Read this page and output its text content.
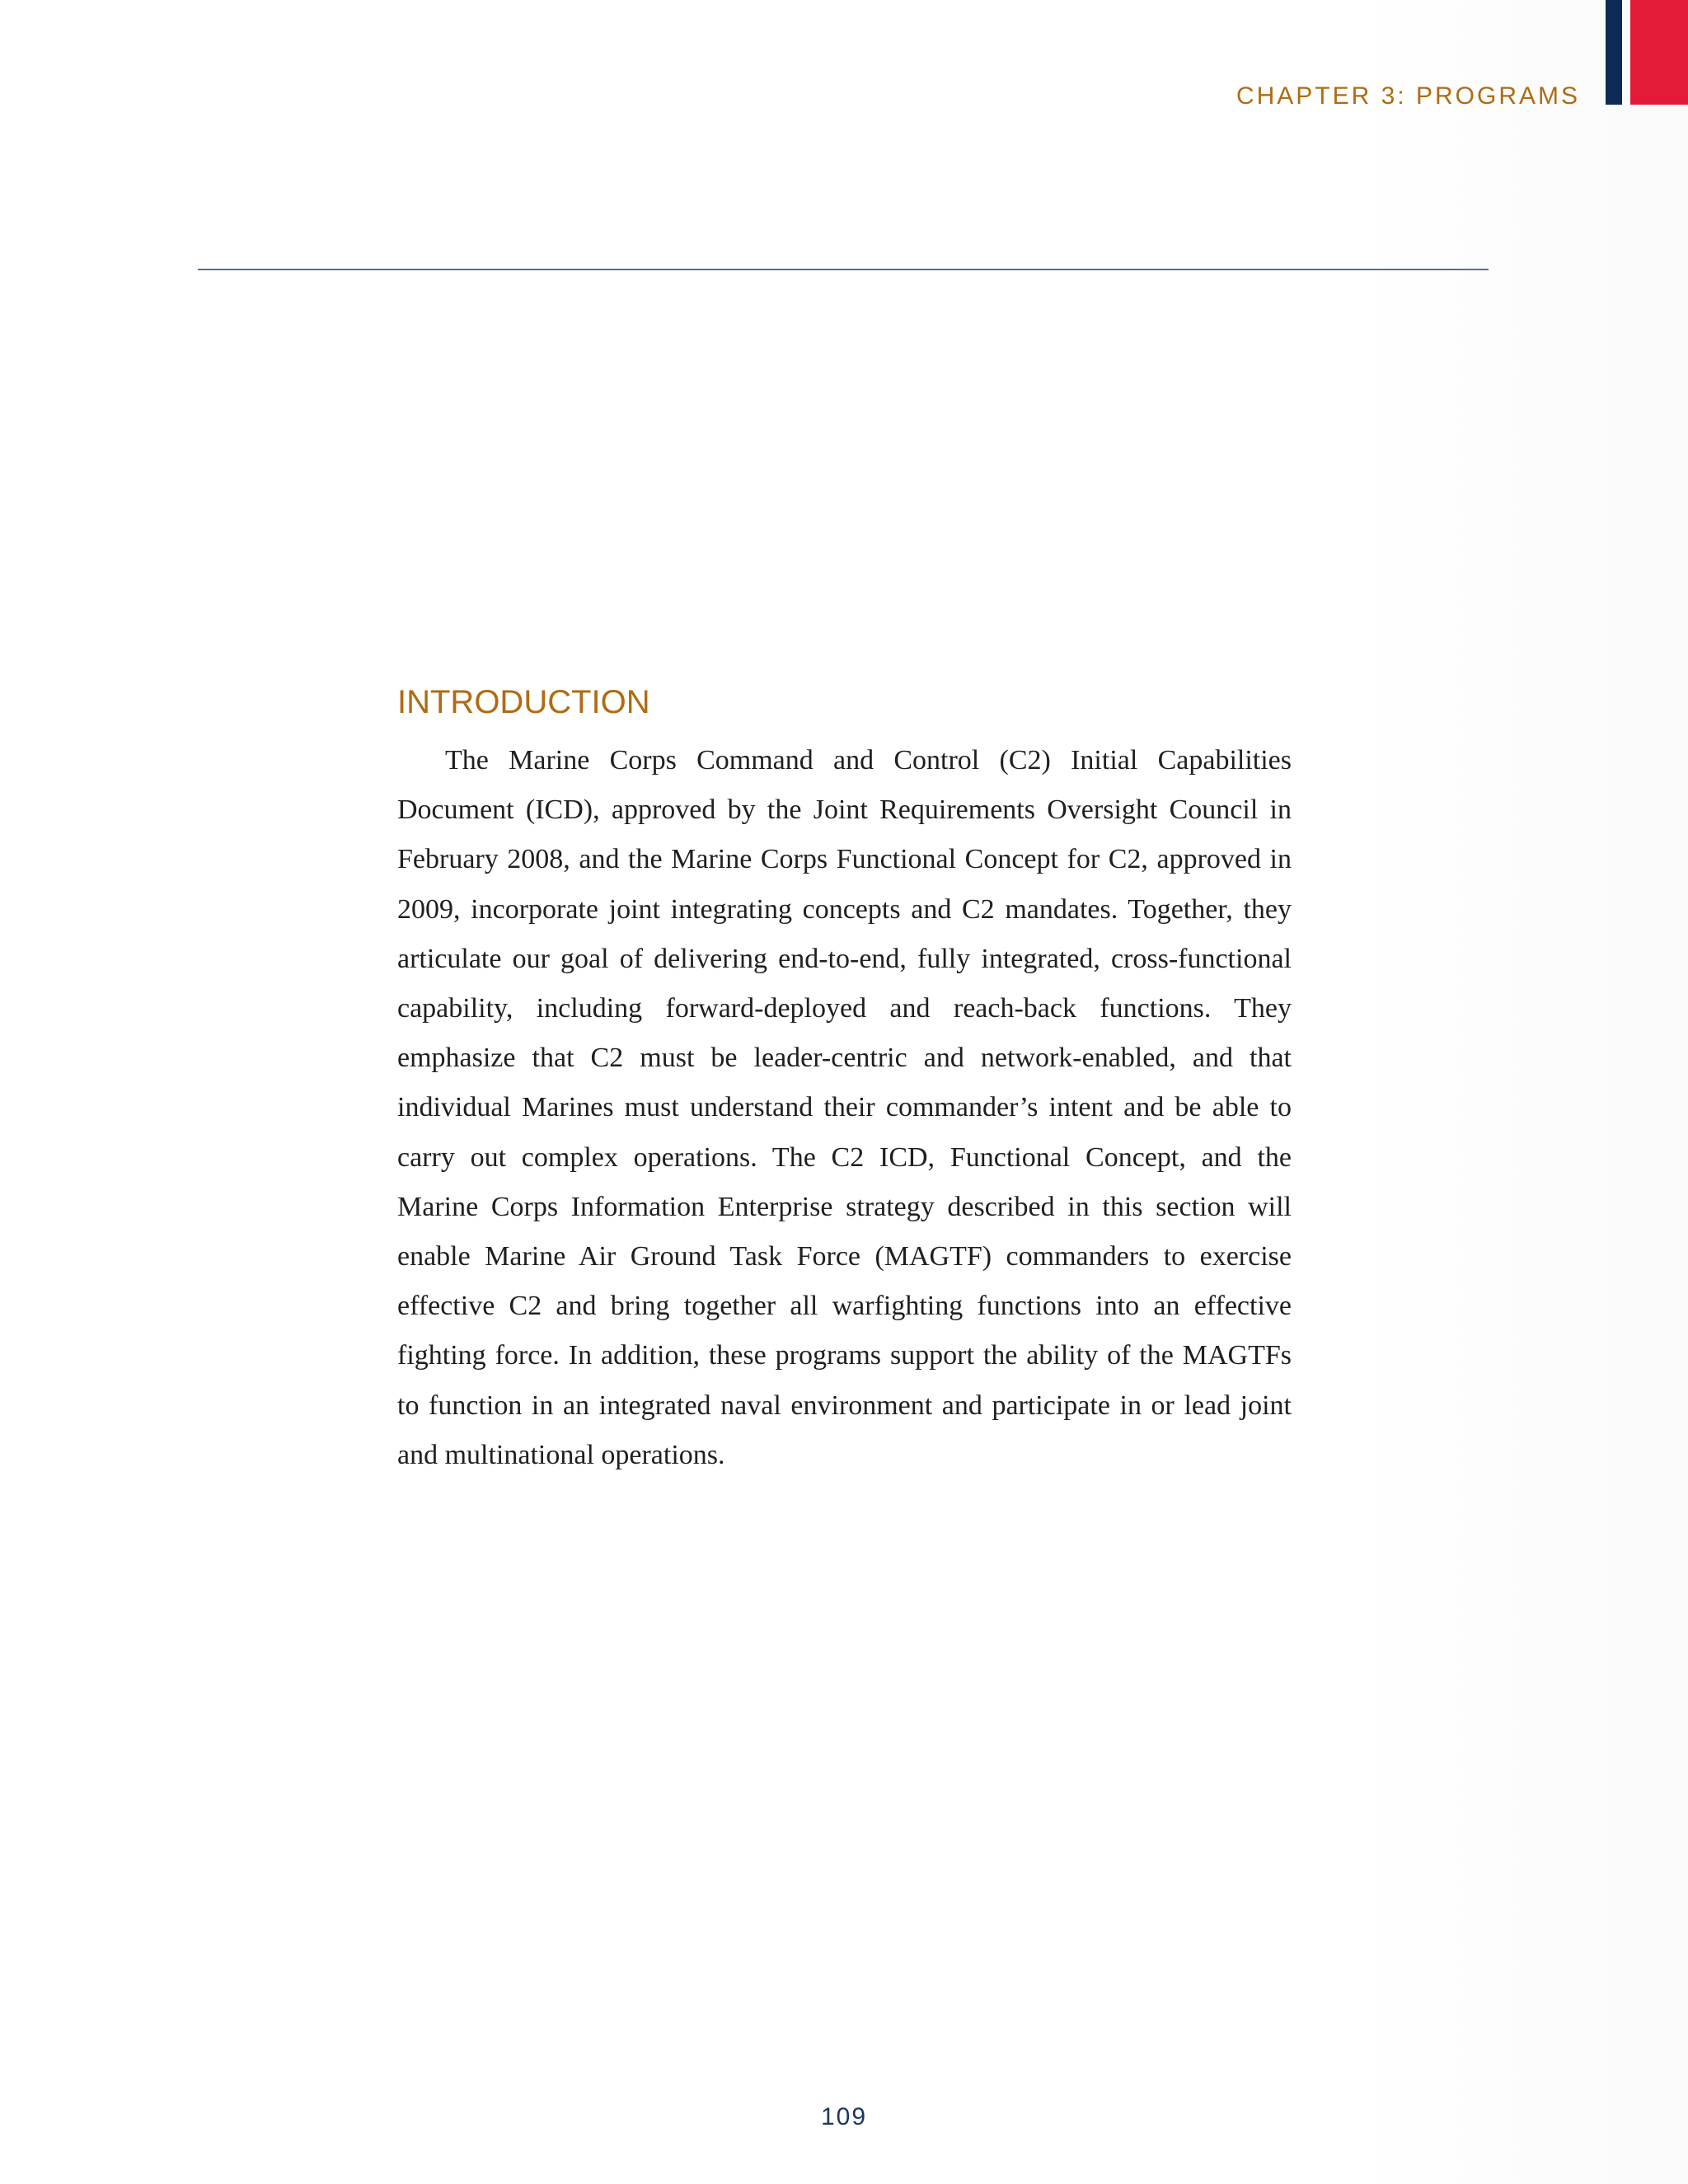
CHAPTER 3: PROGRAMS
INTRODUCTION

The Marine Corps Command and Control (C2) Initial Capabilities Document (ICD), approved by the Joint Requirements Oversight Council in February 2008, and the Marine Corps Functional Concept for C2, approved in 2009, incorporate joint integrating concepts and C2 mandates. Together, they articulate our goal of delivering end-to-end, fully integrated, cross-functional capability, including forward-deployed and reach-back functions. They emphasize that C2 must be leader-centric and network-enabled, and that individual Marines must understand their commander’s intent and be able to carry out complex operations. The C2 ICD, Functional Concept, and the Marine Corps Information Enterprise strategy described in this section will enable Marine Air Ground Task Force (MAGTF) commanders to exercise effective C2 and bring together all warfighting functions into an effective fighting force. In addition, these programs support the ability of the MAGTFs to function in an integrated naval environment and participate in or lead joint and multinational operations.

109
